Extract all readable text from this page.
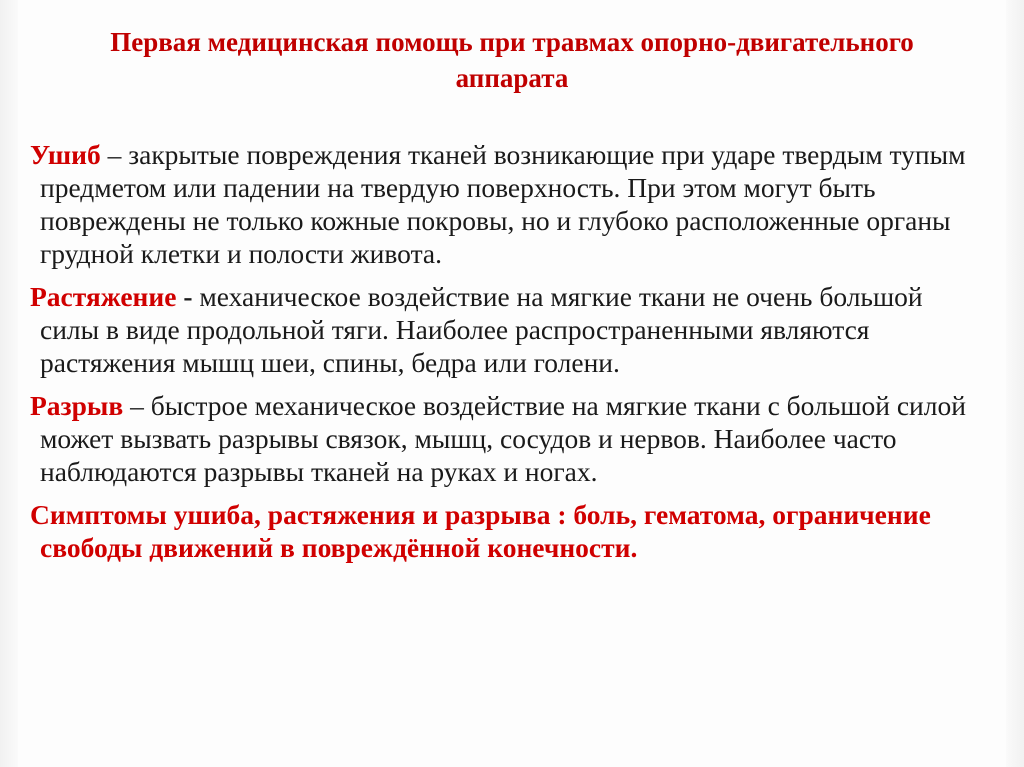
Первая медицинская помощь при травмах опорно-двигательного аппарата

Ушиб – закрытые повреждения тканей возникающие при ударе твердым тупым предметом или падении на твердую поверхность. При этом могут быть повреждены не только кожные покровы, но и глубоко расположенные органы грудной клетки и полости живота.

Растяжение - механическое воздействие на мягкие ткани не очень большой силы в виде продольной тяги. Наиболее распространенными являются растяжения мышц шеи, спины, бедра или голени.

Разрыв – быстрое механическое воздействие на мягкие ткани с большой силой может вызвать разрывы связок, мышц, сосудов и нервов. Наиболее часто наблюдаются разрывы тканей на руках и ногах.

Симптомы ушиба, растяжения и разрыва : боль, гематома, ограничение свободы движений в повреждённой конечности.
